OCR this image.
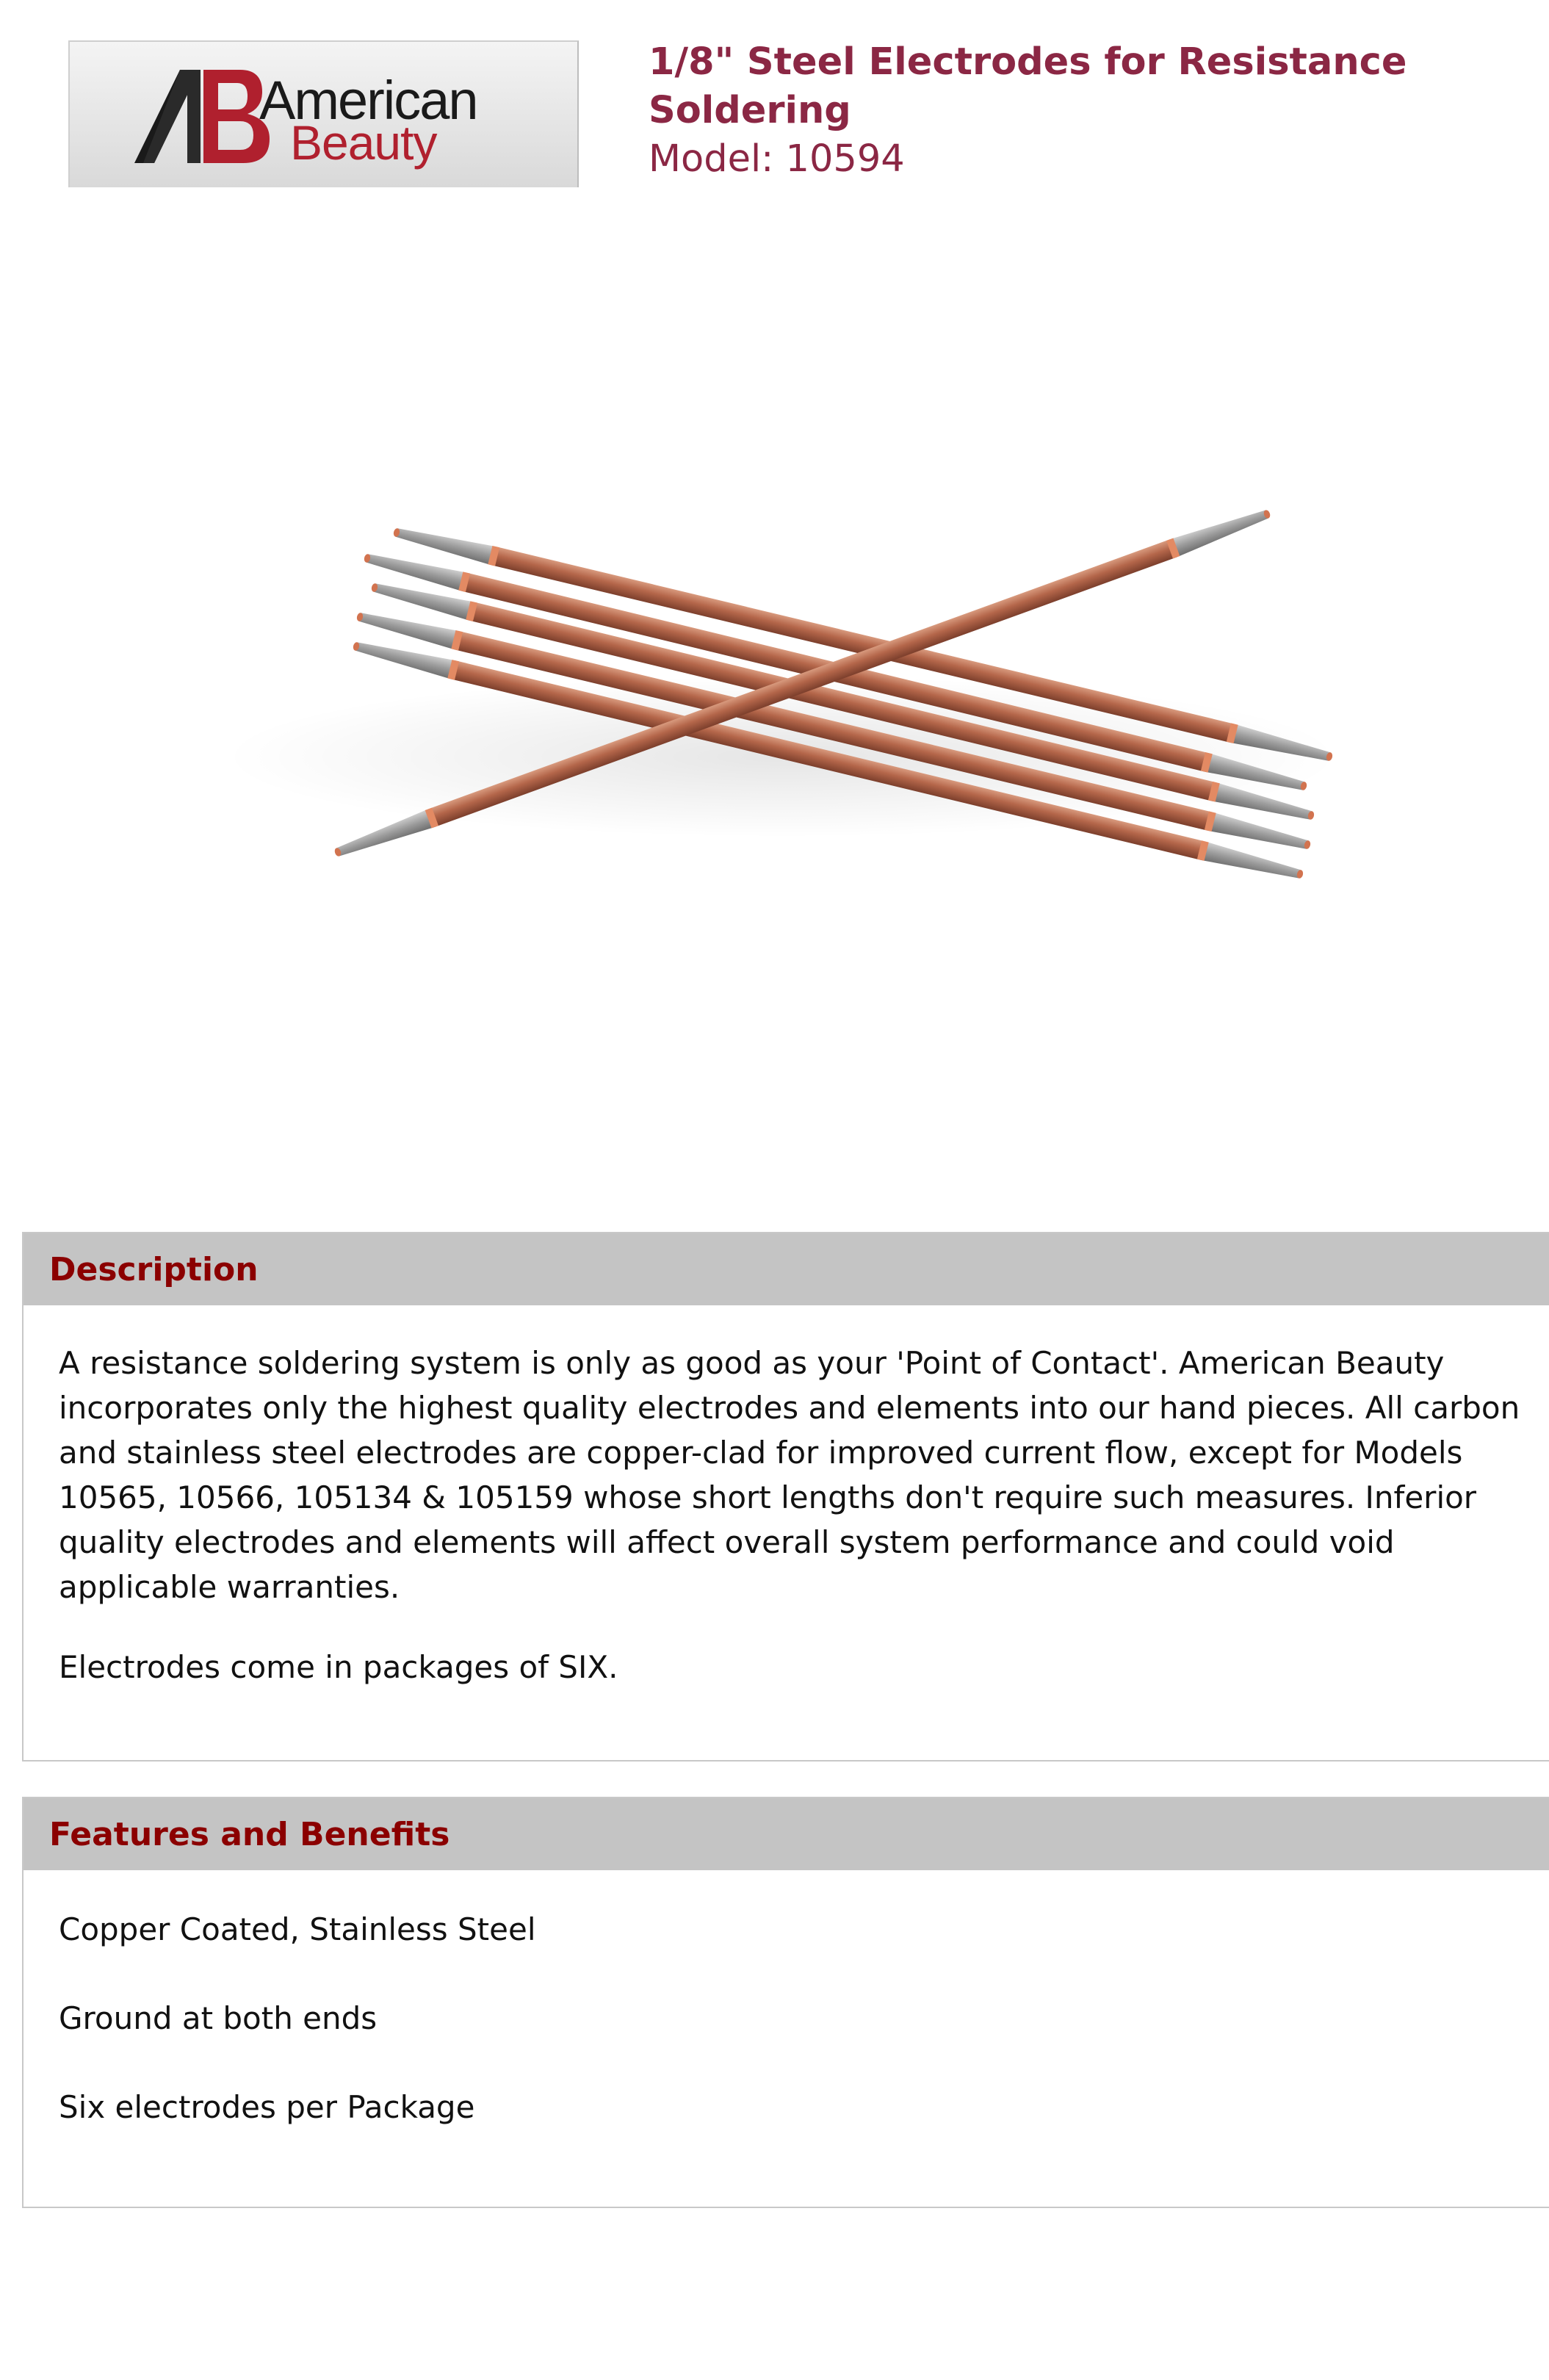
American
Beauty

1/8" Steel Electrodes for Resistance Soldering

Model: 10594

Description

A resistance soldering system is only as good as your 'Point of Contact'. American Beauty incorporates only the highest quality electrodes and elements into our hand pieces. All carbon and stainless steel electrodes are copper-clad for improved current flow, except for Models 10565, 10566, 105134 & 105159 whose short lengths don't require such measures. Inferior quality electrodes and elements will affect overall system performance and could void applicable warranties.

Electrodes come in packages of SIX.

Features and Benefits

Copper Coated, Stainless Steel

Ground at both ends

Six electrodes per Package
